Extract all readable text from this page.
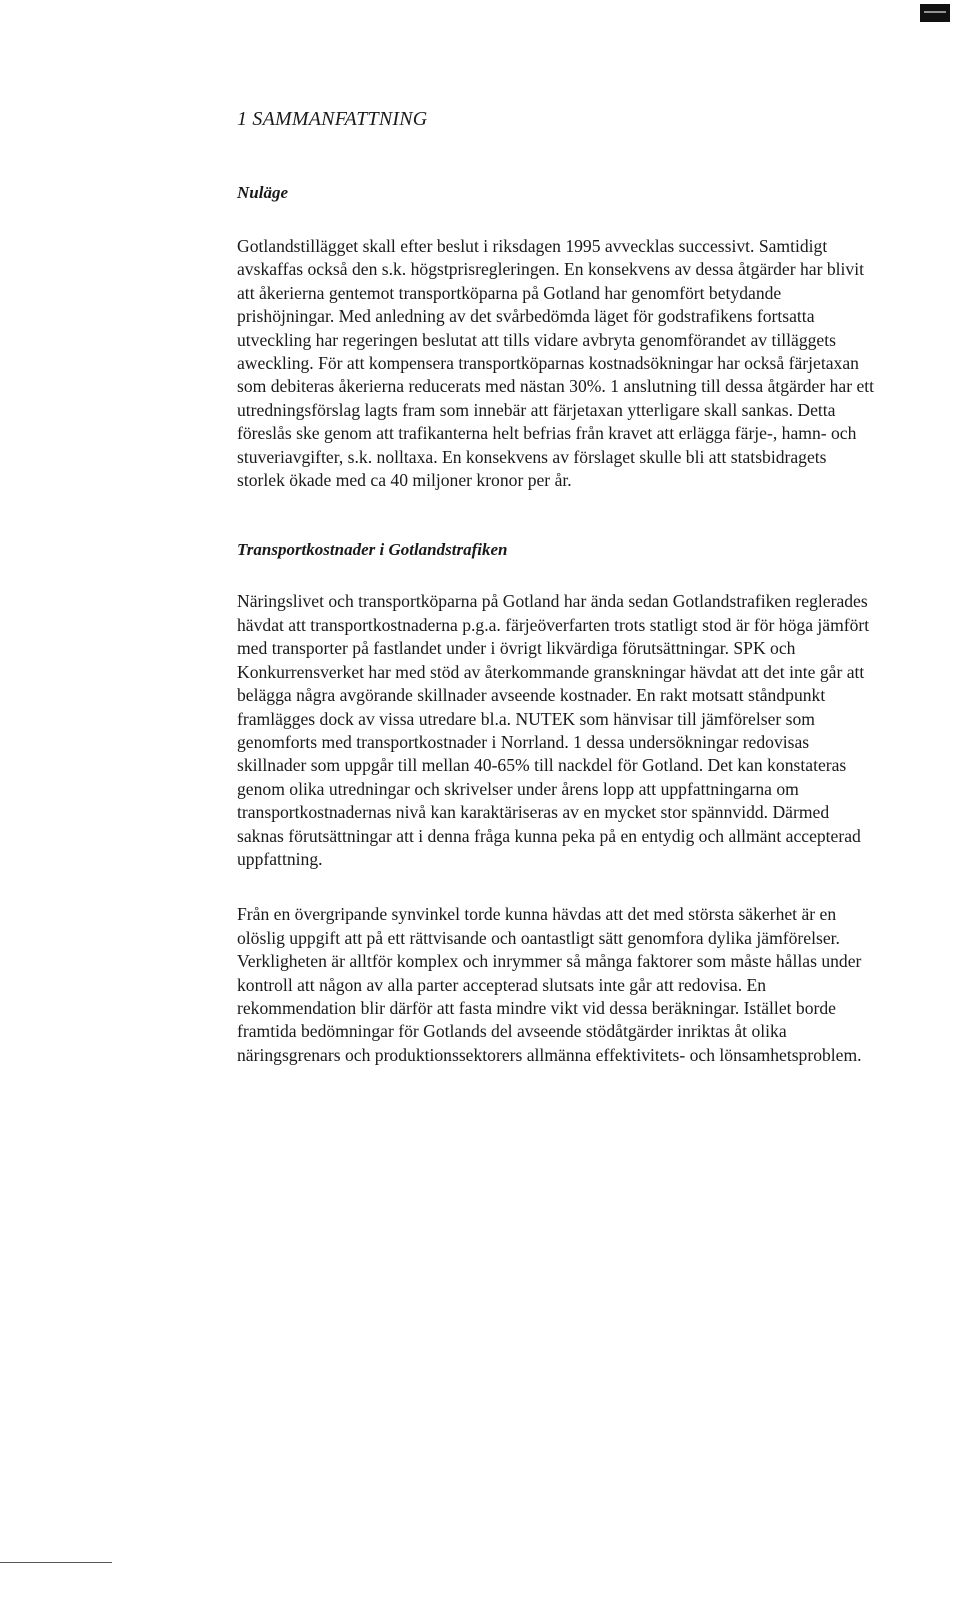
1 SAMMANFATTNING
Nuläge

Gotlandstillägget skall efter beslut i riksdagen 1995 avvecklas successivt. Samtidigt avskaffas också den s.k. högstprisregleringen. En konsekvens av dessa åtgärder har blivit att åkerierna gentemot transportköparna på Gotland har genomfört betydande prishöjningar. Med anledning av det svårbedömda läget för godstrafikens fortsatta utveckling har regeringen beslutat att tills vidare avbryta genomförandet av tilläggets aweckling. För att kompensera transportköparnas kostnadsökningar har också färjetaxan som debiteras åkerierna reducerats med nästan 30%. 1 anslutning till dessa åtgärder har ett utredningsförslag lagts fram som innebär att färjetaxan ytterligare skall sankas. Detta föreslås ske genom att trafikanterna helt befrias från kravet att erlägga färje-, hamn- och stuveriavgifter, s.k. nolltaxa. En konsekvens av förslaget skulle bli att statsbidragets storlek ökade med ca 40 miljoner kronor per år.

Transportkostnader i Gotlandstrafiken

Näringslivet och transportköparna på Gotland har ända sedan Gotlandstrafiken reglerades hävdat att transportkostnaderna p.g.a. färjeöverfarten trots statligt stod är för höga jämfört med transporter på fastlandet under i övrigt likvärdiga förutsättningar. SPK och Konkurrensverket har med stöd av återkommande granskningar hävdat att det inte går att belägga några avgörande skillnader avseende kostnader. En rakt motsatt ståndpunkt framlägges dock av vissa utredare bl.a. NUTEK som hänvisar till jämförelser som genomforts med transportkostnader i Norrland. 1 dessa undersökningar redovisas skillnader som uppgår till mellan 40-65% till nackdel för Gotland. Det kan konstateras genom olika utredningar och skrivelser under årens lopp att uppfattningarna om transportkostnadernas nivå kan karaktäriseras av en mycket stor spännvidd. Därmed saknas förutsättningar att i denna fråga kunna peka på en entydig och allmänt accepterad uppfattning.

Från en övergripande synvinkel torde kunna hävdas att det med största säkerhet är en olöslig uppgift att på ett rättvisande och oantastligt sätt genomfora dylika jämförelser. Verkligheten är alltför komplex och inrymmer så många faktorer som måste hållas under kontroll att någon av alla parter accepterad slutsats inte går att redovisa. En rekommendation blir därför att fasta mindre vikt vid dessa beräkningar. Istället borde framtida bedömningar för Gotlands del avseende stödåtgärder inriktas åt olika näringsgrenars och produktionssektorers allmänna effektivitets- och lönsamhetsproblem.
